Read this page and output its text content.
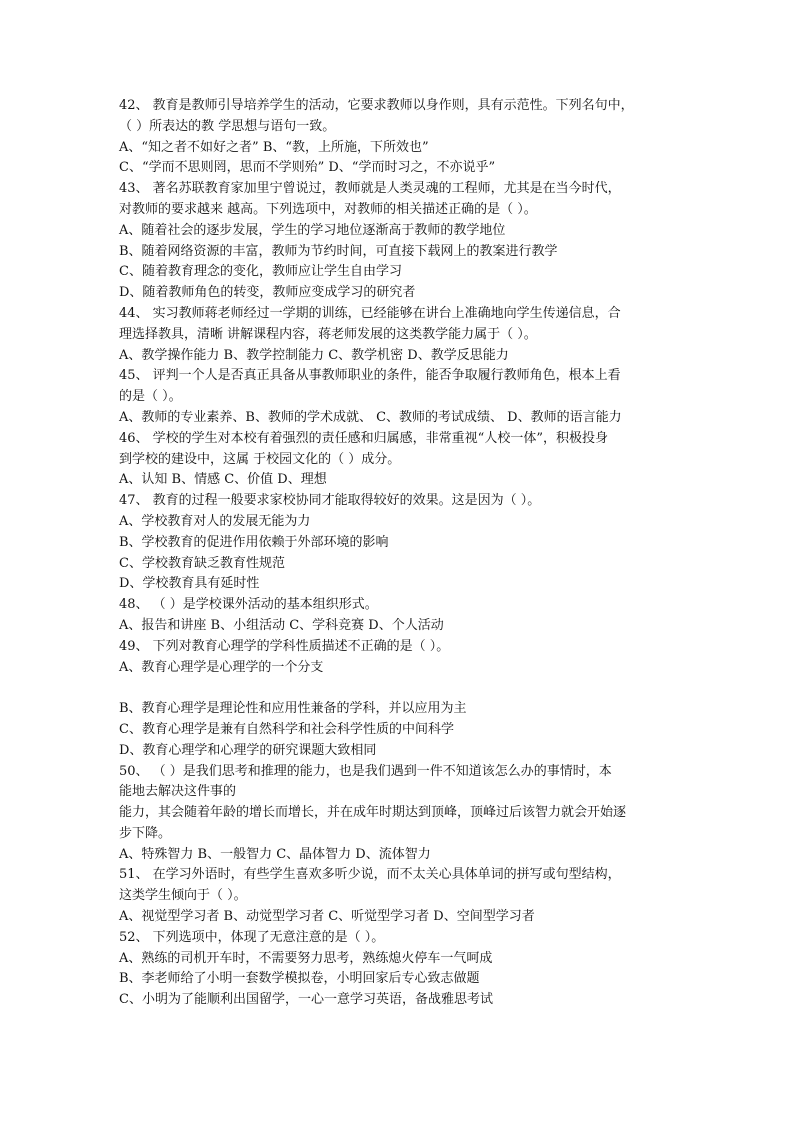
42、 教育是教师引导培养学生的活动，它要求教师以身作则，具有示范性。下列名句中，
（ ）所表达的教 学思想与语句一致。
A、“知之者不如好之者” B、“教，上所施，下所效也”
C、“学而不思则罔，思而不学则殆” D、“学而时习之，不亦说乎”
43、 著名苏联教育家加里宁曾说过，教师就是人类灵魂的工程师，尤其是在当今时代，
对教师的要求越来 越高。下列选项中，对教师的相关描述正确的是（ ）。
A、随着社会的逐步发展，学生的学习地位逐渐高于教师的教学地位
B、随着网络资源的丰富，教师为节约时间，可直接下载网上的教案进行教学
C、随着教育理念的变化，教师应让学生自由学习
D、随着教师角色的转变，教师应变成学习的研究者
44、 实习教师蒋老师经过一学期的训练，已经能够在讲台上准确地向学生传递信息，合
理选择教具，清晰 讲解课程内容，蒋老师发展的这类教学能力属于（ ）。
A、教学操作能力 B、教学控制能力 C、教学机密 D、教学反思能力
45、 评判一个人是否真正具备从事教师职业的条件，能否争取履行教师角色，根本上看
的是（ ）。
A、教师的专业素养、B、教师的学术成就、 C、教师的考试成绩、 D、教师的语言能力
46、 学校的学生对本校有着强烈的责任感和归属感，非常重视“人校一体”，积极投身
到学校的建设中，这属 于校园文化的（ ）成分。
A、认知 B、情感 C、价值 D、理想
47、 教育的过程一般要求家校协同才能取得较好的效果。这是因为（ ）。
A、学校教育对人的发展无能为力
B、学校教育的促进作用依赖于外部环境的影响
C、学校教育缺乏教育性规范
D、学校教育具有延时性
48、 （ ）是学校课外活动的基本组织形式。
A、报告和讲座 B、小组活动 C、学科竞赛 D、个人活动
49、 下列对教育心理学的学科性质描述不正确的是（ ）。
A、教育心理学是心理学的一个分支
B、教育心理学是理论性和应用性兼备的学科，并以应用为主
C、教育心理学是兼有自然科学和社会科学性质的中间科学
D、教育心理学和心理学的研究课题大致相同
50、 （ ）是我们思考和推理的能力，也是我们遇到一件不知道该怎么办的事情时，本
能地去解决这件事的
能力，其会随着年龄的增长而增长，并在成年时期达到顶峰，顶峰过后该智力就会开始逐
步下降。
A、特殊智力 B、一般智力 C、晶体智力 D、流体智力
51、 在学习外语时，有些学生喜欢多听少说，而不太关心具体单词的拼写或句型结构，
这类学生倾向于（ ）。
A、视觉型学习者 B、动觉型学习者 C、听觉型学习者 D、空间型学习者
52、 下列选项中，体现了无意注意的是（ ）。
A、熟练的司机开车时，不需要努力思考，熟练熄火停车一气呵成
B、李老师给了小明一套数学模拟卷，小明回家后专心致志做题
C、小明为了能顺利出国留学，一心一意学习英语，备战雅思考试
